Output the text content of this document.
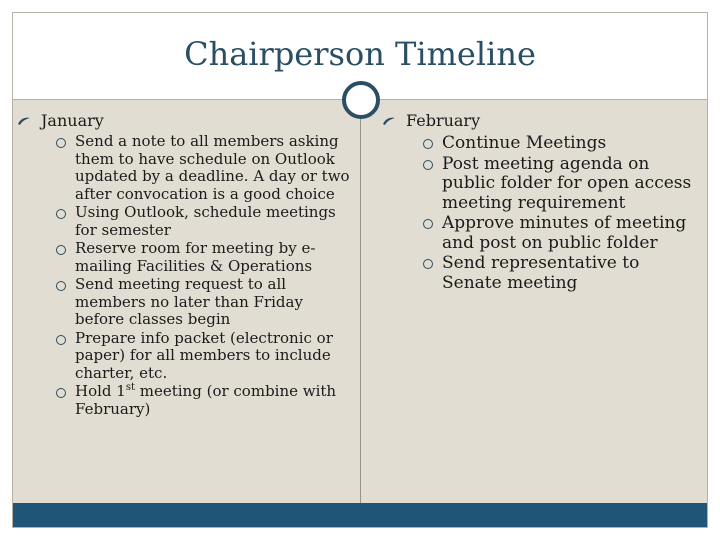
Chairperson Timeline
January
Send a note to all members asking them to have schedule on Outlook updated by a deadline. A day or two after convocation is a good choice
Using Outlook, schedule meetings for semester
Reserve room for meeting by e-mailing Facilities & Operations
Send meeting request to all members no later than Friday before classes begin
Prepare info packet (electronic or paper) for all members to include charter, etc.
Hold 1st meeting (or combine with February)
February
Continue Meetings
Post meeting agenda on public folder for open access meeting requirement
Approve minutes of meeting and post on public folder
Send representative to Senate meeting
